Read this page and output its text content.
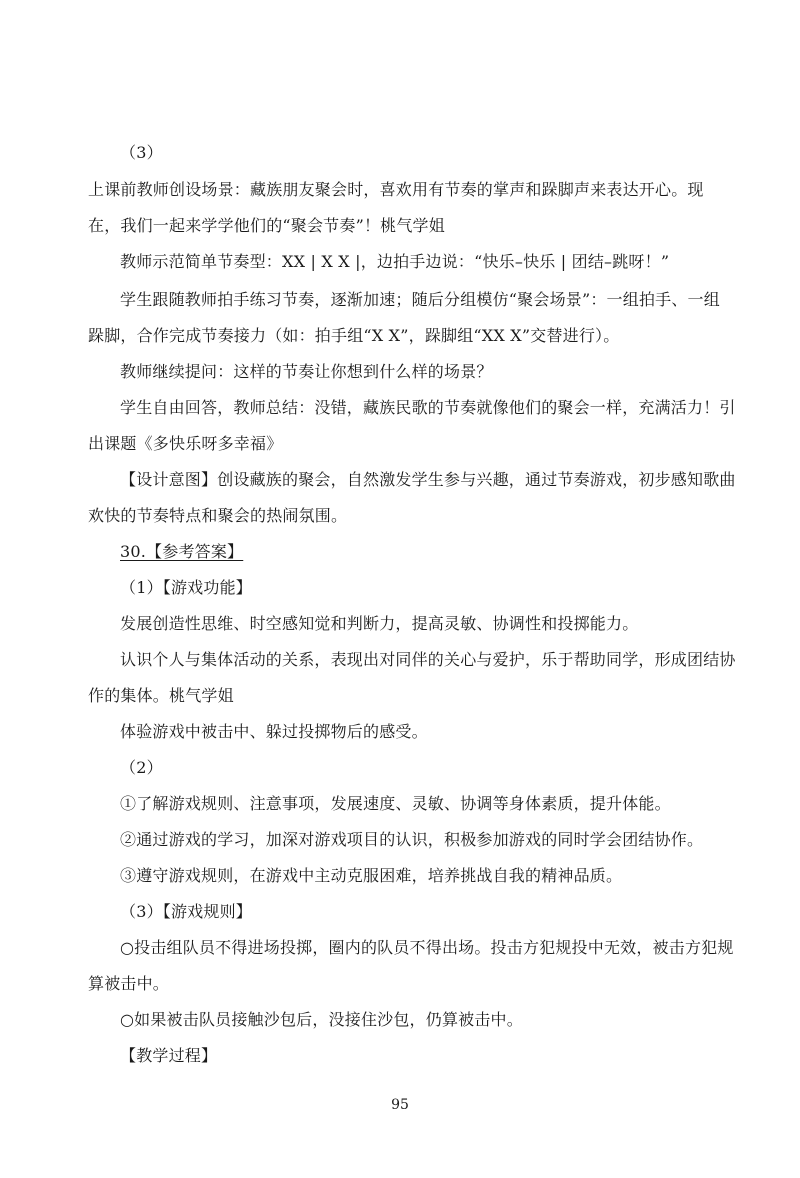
（3）
上课前教师创设场景：藏族朋友聚会时，喜欢用有节奏的掌声和跺脚声来表达开心。现
在，我们一起来学学他们的“聚会节奏”！桃气学姐
教师示范简单节奏型：XX | X X |，边拍手边说：“快乐–快乐 | 团结–跳呀！”
学生跟随教师拍手练习节奏，逐渐加速；随后分组模仿“聚会场景”：一组拍手、一组
跺脚，合作完成节奏接力（如：拍手组“X X”，跺脚组“XX X”交替进行）。
教师继续提问：这样的节奏让你想到什么样的场景？
学生自由回答，教师总结：没错，藏族民歌的节奏就像他们的聚会一样，充满活力！引
出课题《多快乐呀多幸福》
【设计意图】创设藏族的聚会，自然激发学生参与兴趣，通过节奏游戏，初步感知歌曲
欢快的节奏特点和聚会的热闹氛围。
30.【参考答案】
（1）【游戏功能】
发展创造性思维、时空感知觉和判断力，提高灵敏、协调性和投掷能力。
认识个人与集体活动的关系，表现出对同伴的关心与爱护，乐于帮助同学，形成团结协
作的集体。桃气学姐
体验游戏中被击中、躲过投掷物后的感受。
（2）
①了解游戏规则、注意事项，发展速度、灵敏、协调等身体素质，提升体能。
②通过游戏的学习，加深对游戏项目的认识，积极参加游戏的同时学会团结协作。
③遵守游戏规则，在游戏中主动克服困难，培养挑战自我的精神品质。
（3）【游戏规则】
○投击组队员不得进场投掷，圈内的队员不得出场。投击方犯规投中无效，被击方犯规
算被击中。
○如果被击队员接触沙包后，没接住沙包，仍算被击中。
【教学过程】
95
